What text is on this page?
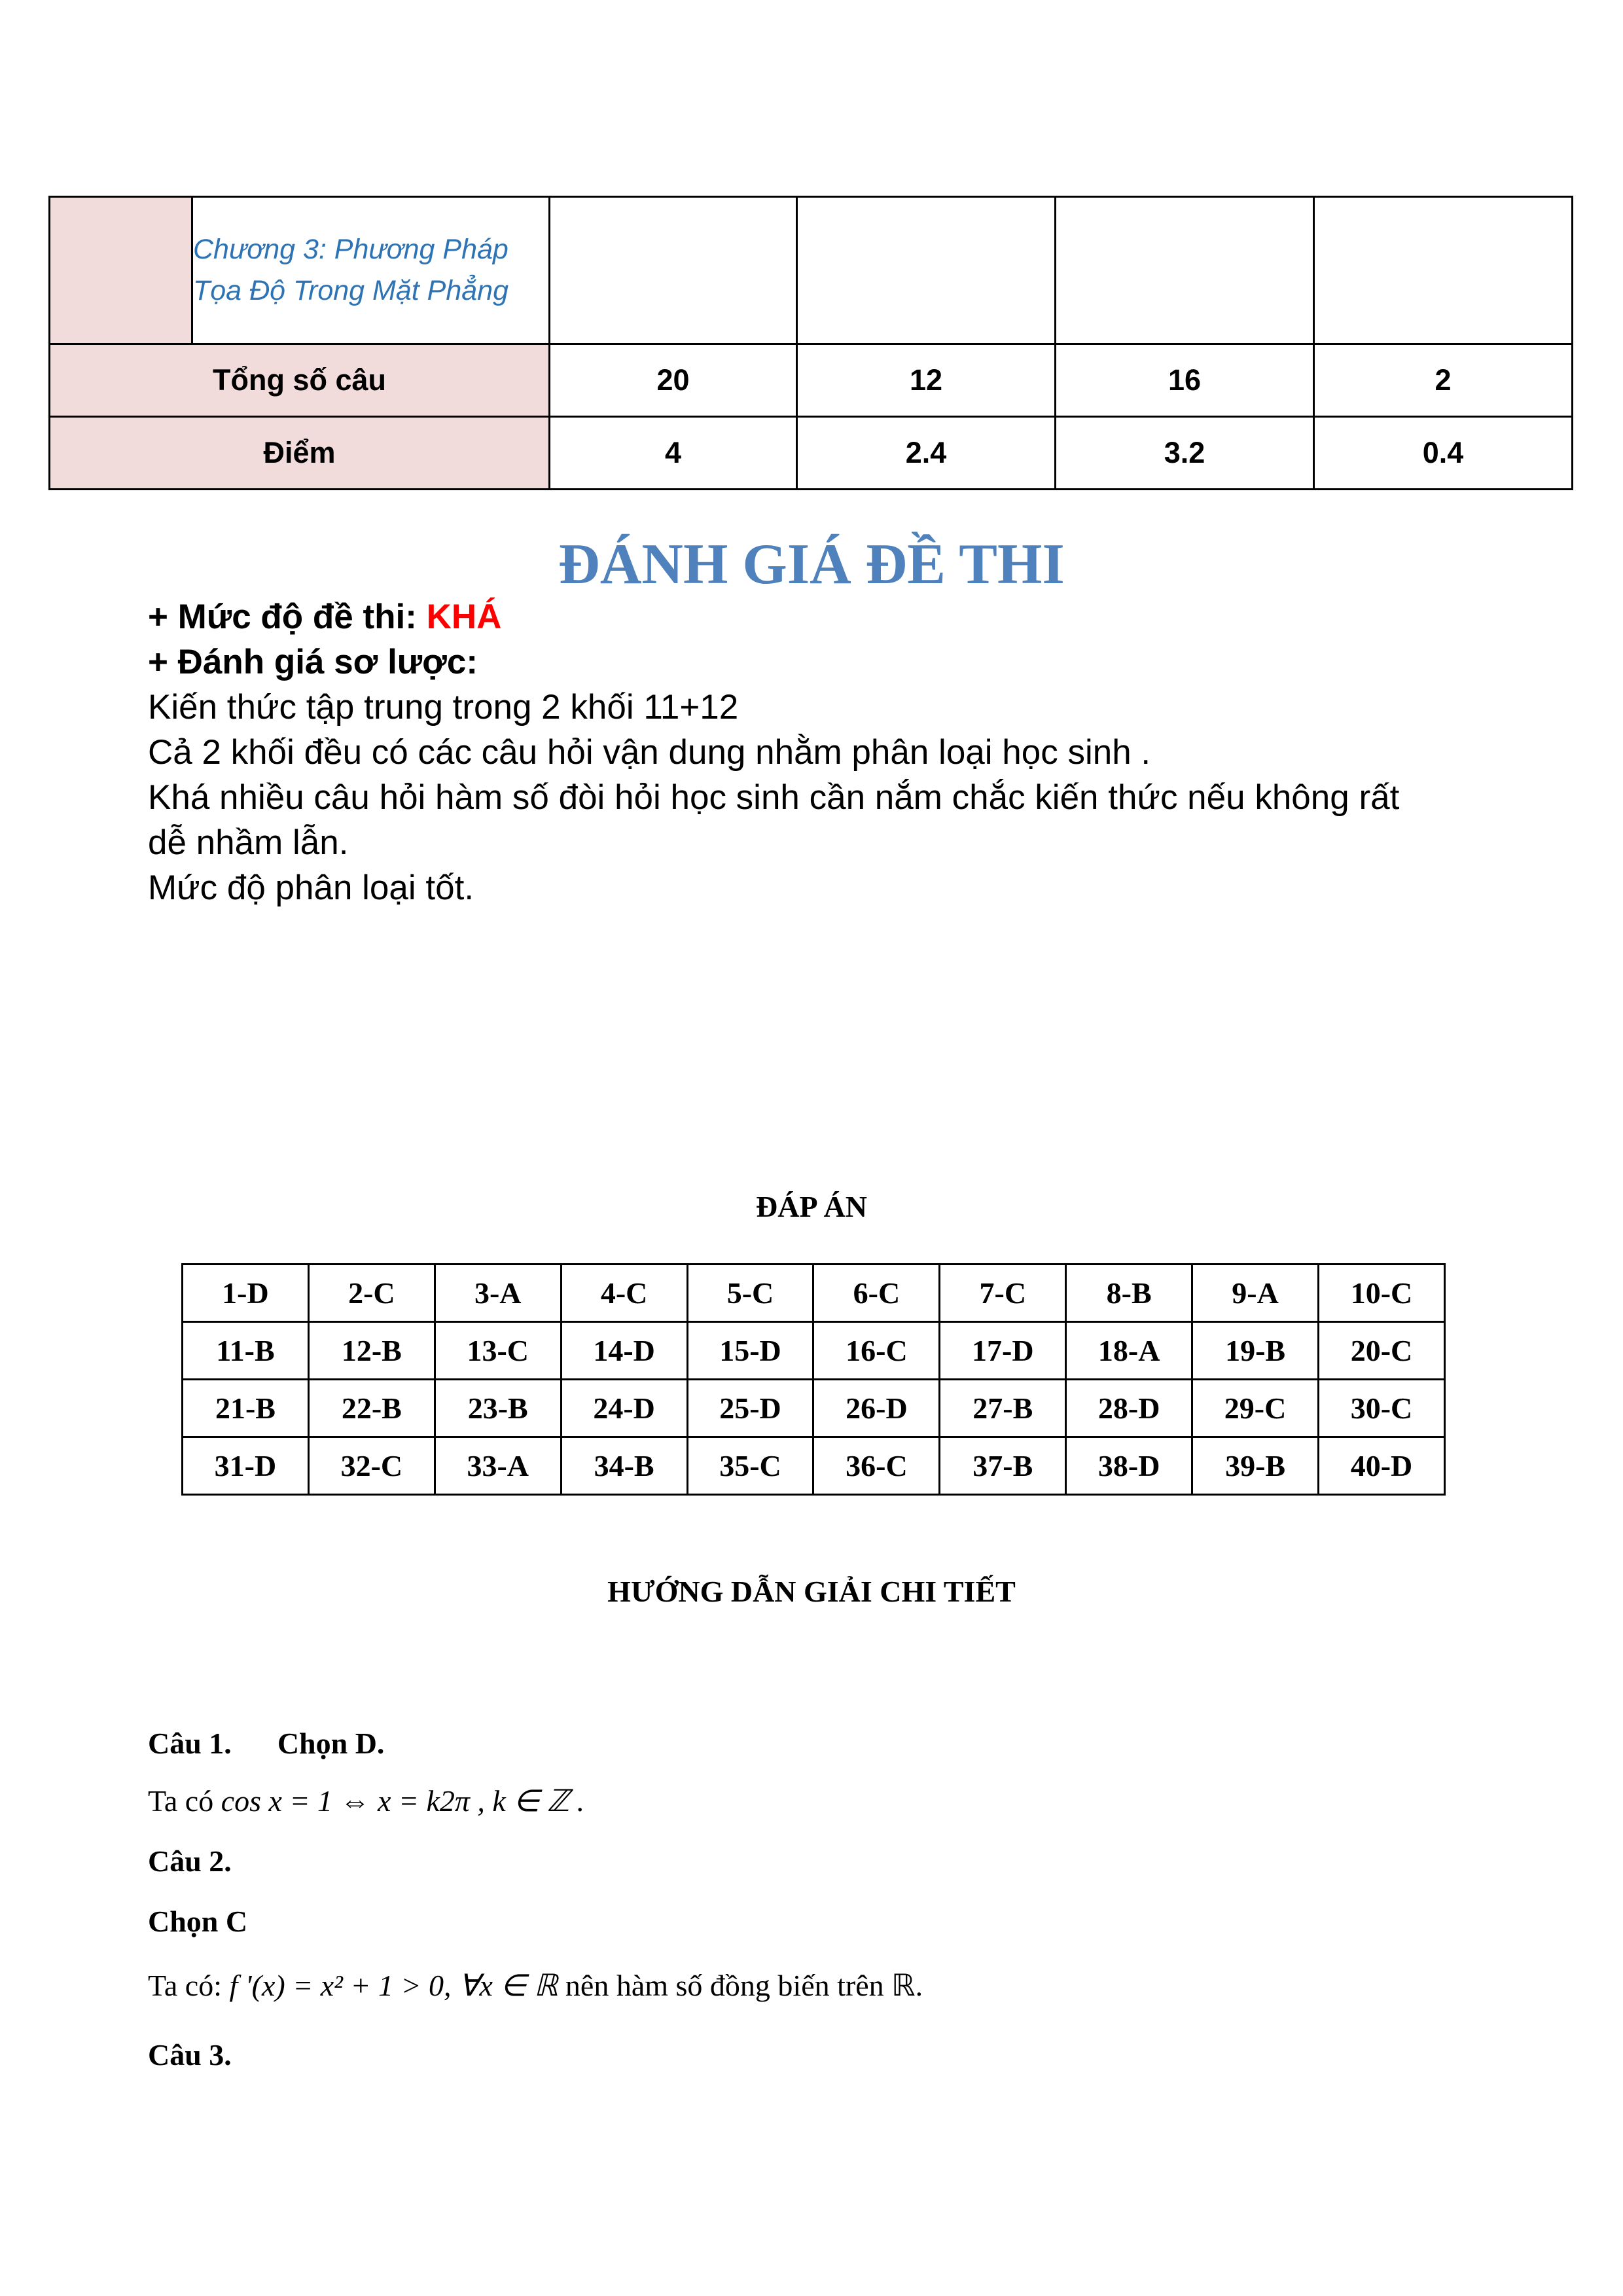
	Chương 3: Phương Pháp
Tọa Độ Trong Mặt Phẳng				

Tổng số câu		20	12	16	2
Điểm		4	2.4	3.2	0.4
ĐÁNH GIÁ ĐỀ THI
+ Mức độ đề thi: KHÁ
+ Đánh giá sơ lược:
Kiến thức tập trung trong 2 khối 11+12
Cả 2 khối đều có các câu hỏi vận dung nhằm phân loại học sinh .
Khá nhiều câu hỏi hàm số đòi hỏi học sinh cần nắm chắc kiến thức nếu không rất
dễ nhầm lẫn.
Mức độ phân loại tốt.
ĐÁP ÁN
1-D	2-C	3-A	4-C	5-C	6-C	7-C	8-B	9-A	10-C
11-B	12-B	13-C	14-D	15-D	16-C	17-D	18-A	19-B	20-C
21-B	22-B	23-B	24-D	25-D	26-D	27-B	28-D	29-C	30-C
31-D	32-C	33-A	34-B	35-C	36-C	37-B	38-D	39-B	40-D
HƯỚNG DẪN GIẢI CHI TIẾT
Câu 1. Chọn D.
Ta có cos x = 1 ⇔ x = k2π , k ∈ ℤ .
Câu 2.
Chọn C
Ta có: f '(x) = x² + 1 > 0, ∀x ∈ ℝ nên hàm số đồng biến trên ℝ.
Câu 3.
